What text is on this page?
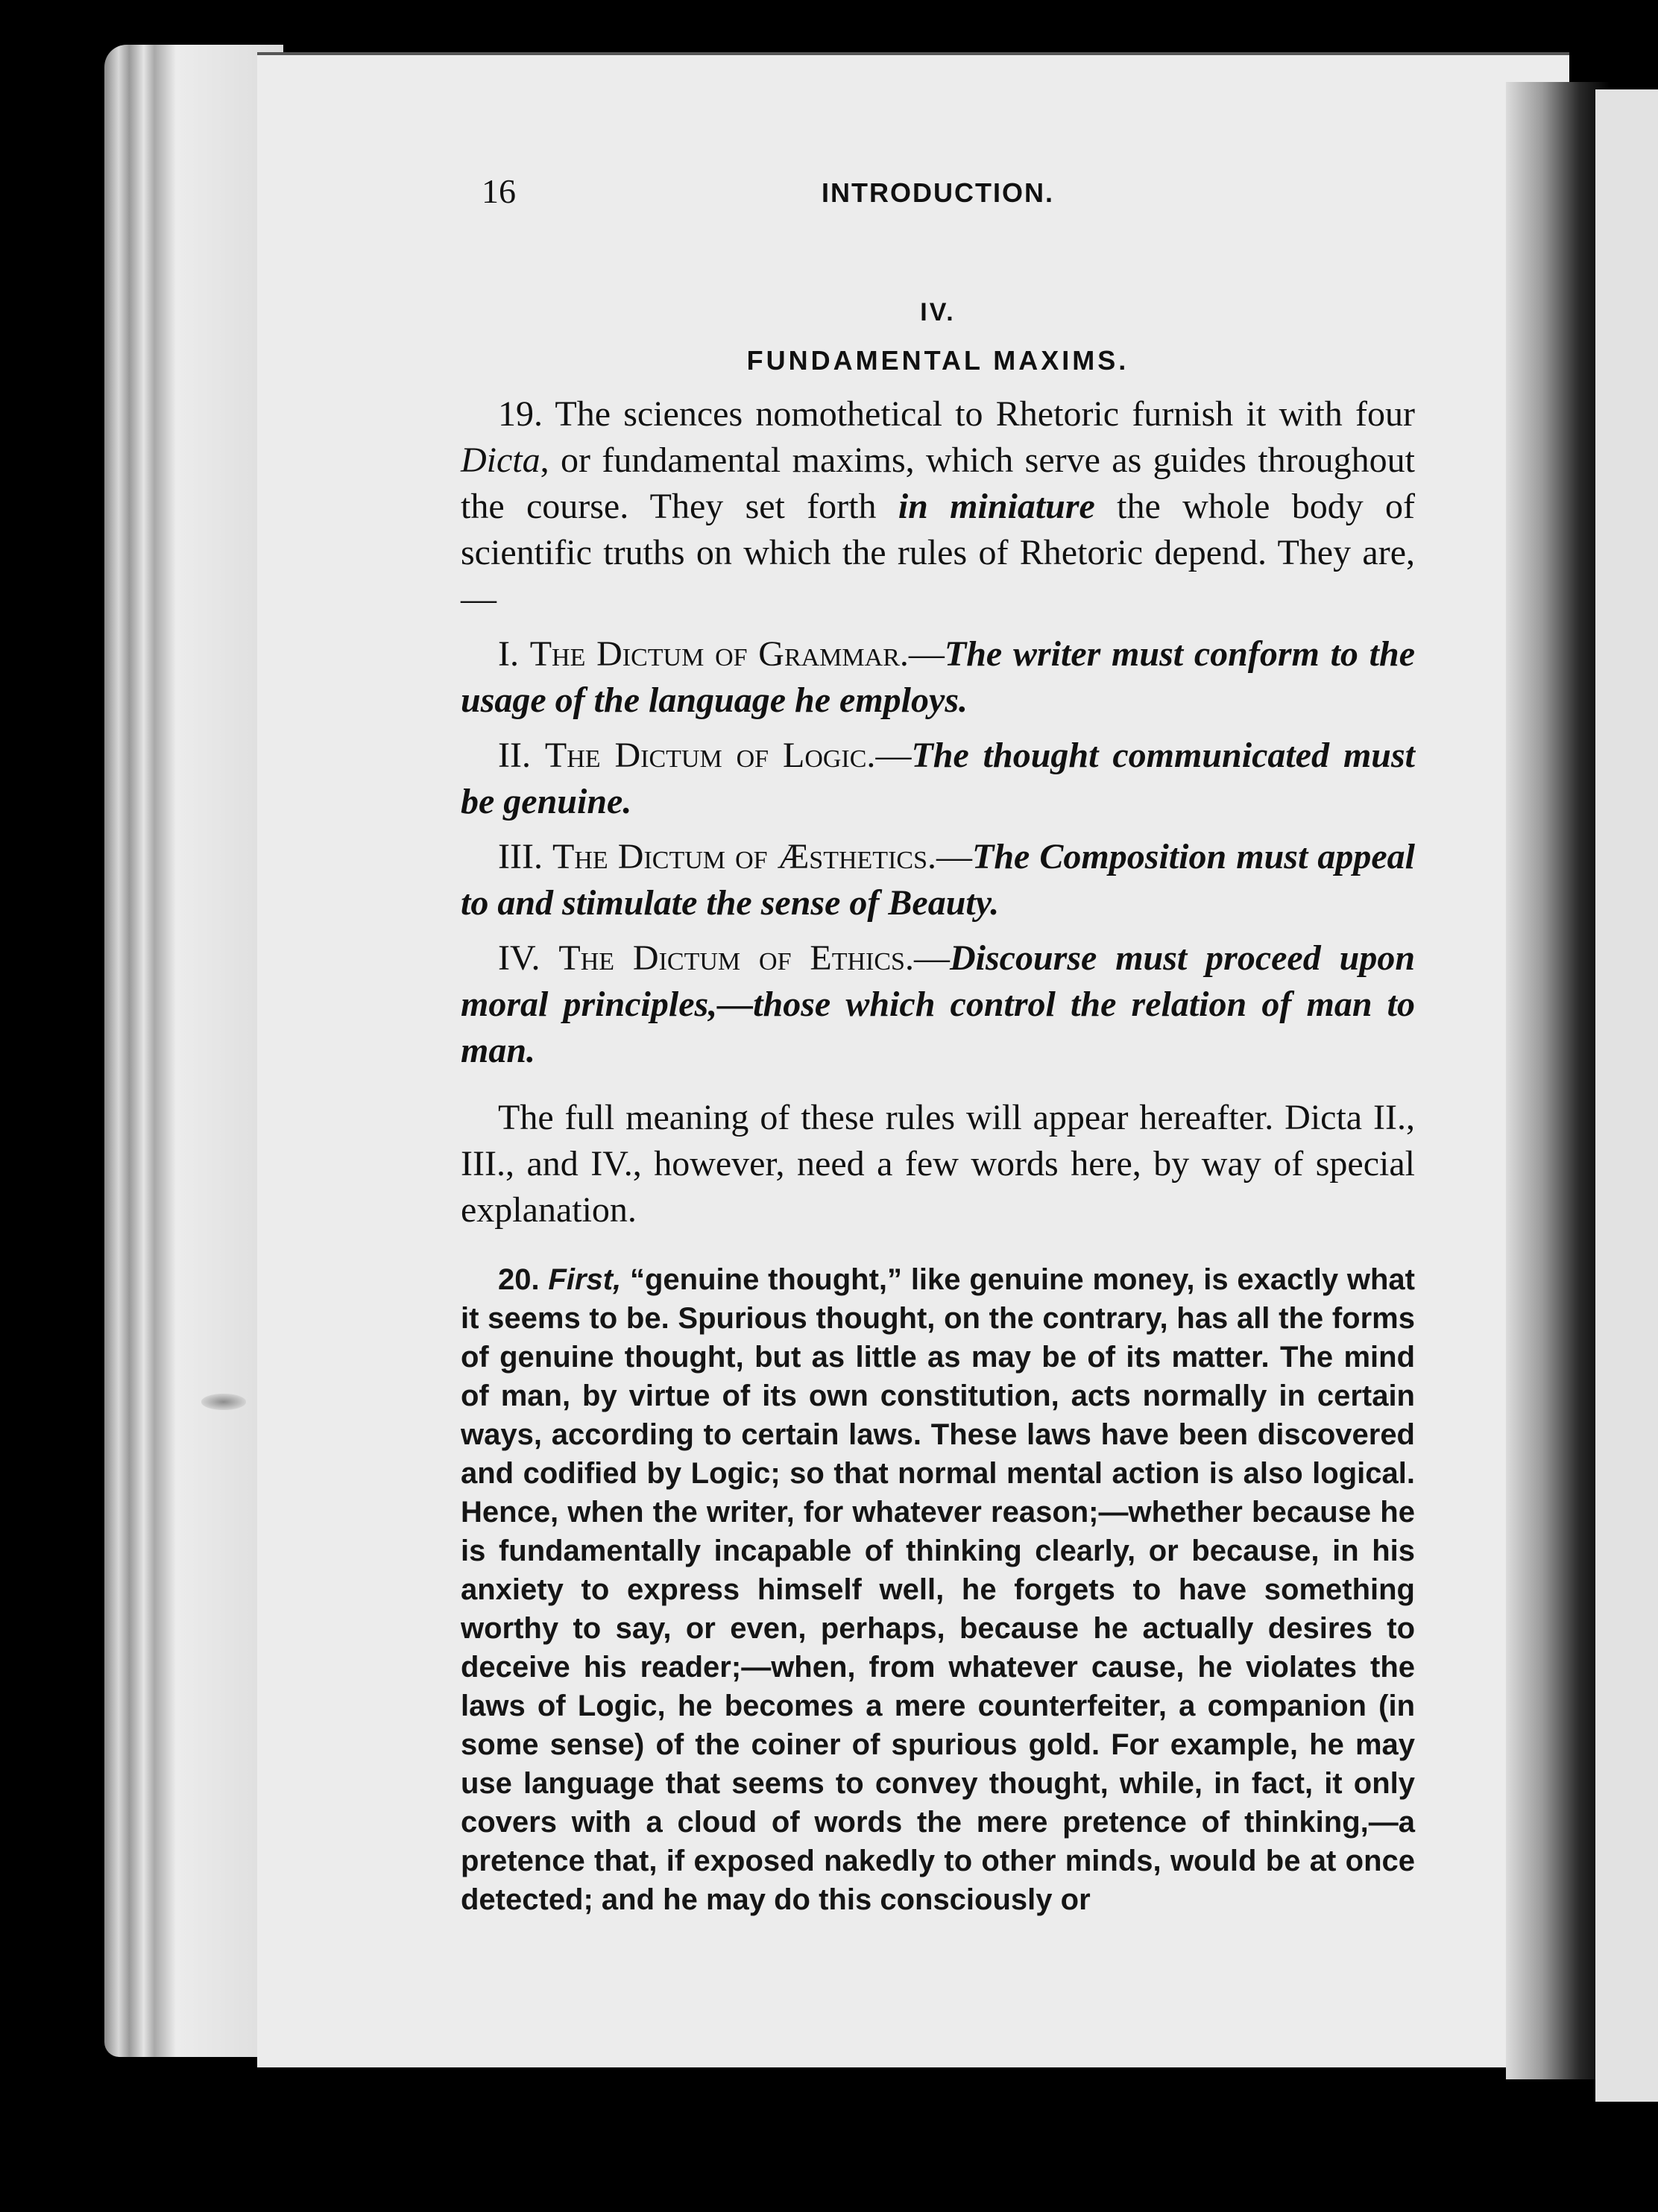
16	INTRODUCTION.
IV.
FUNDAMENTAL MAXIMS.

19. The sciences nomothetical to Rhetoric furnish it with four Dicta, or fundamental maxims, which serve as guides throughout the course. They set forth in miniature the whole body of scientific truths on which the rules of Rhetoric depend. They are,—

I. The Dictum of Grammar.—The writer must conform to the usage of the language he employs.

II. The Dictum of Logic.—The thought communicated must be genuine.

III. The Dictum of Æsthetics.—The Composition must appeal to and stimulate the sense of Beauty.

IV. The Dictum of Ethics.—Discourse must proceed upon moral principles,—those which control the relation of man to man.

The full meaning of these rules will appear hereafter. Dicta II., III., and IV., however, need a few words here, by way of special explanation.

20. First, “genuine thought,” like genuine money, is exactly what it seems to be. Spurious thought, on the contrary, has all the forms of genuine thought, but as little as may be of its matter. The mind of man, by virtue of its own constitution, acts normally in certain ways, according to certain laws. These laws have been discovered and codified by Logic; so that normal mental action is also logical. Hence, when the writer, for whatever reason;—whether because he is fundamentally incapable of thinking clearly, or because, in his anxiety to express himself well, he forgets to have something worthy to say, or even, perhaps, because he actually desires to deceive his reader;—when, from whatever cause, he violates the laws of Logic, he becomes a mere counterfeiter, a companion (in some sense) of the coiner of spurious gold. For example, he may use language that seems to convey thought, while, in fact, it only covers with a cloud of words the mere pretence of thinking,—a pretence that, if exposed nakedly to other minds, would be at once detected; and he may do this consciously or
